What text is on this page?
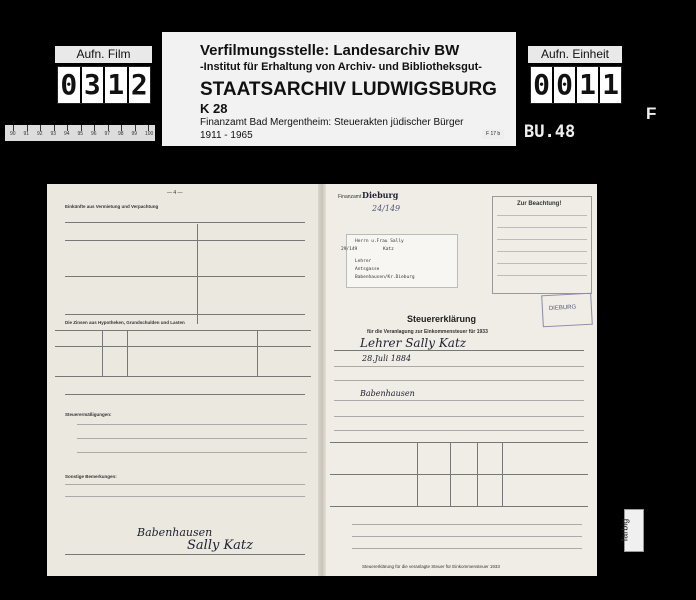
Aufn. Film
0 3 1 2
Verfilmungsstelle: Landesarchiv BW
-Institut für Erhaltung von Archiv- und Bibliotheksgut-
STAATSARCHIV LUDWIGSBURG
K 28
Finanzamt Bad Mergentheim: Steuerakten jüdischer Bürger
1911 - 1965
Aufn. Einheit
0 0 1 1
F
90 91 92 93 94 95 96 97 98 99 100	F 17 b BU.48
farbig
— 4 —
Einkünfte aus Vermietung und Verpachtung
Die Zinsen aus Hypotheken, Grundschulden und Lasten
Steuerermäßigungen:
Sonstige Bemerkungen:
Babenhausen
Sally Katz
Finanzamt Dieburg
24/149
Herrn u.Frau Sally
29/149	Katz
Lehrer
Antsgasse
Babenhausen/Kr.Dieburg
Zur Beachtung!
DIEBURG
Steuererklärung
für die Veranlagung zur Einkommensteuer für 1933
Lehrer Sally Katz
28.Juli 1884
Babenhausen
Steuererklärung für die veranlagte Steuer für Einkommensteuer 1933
